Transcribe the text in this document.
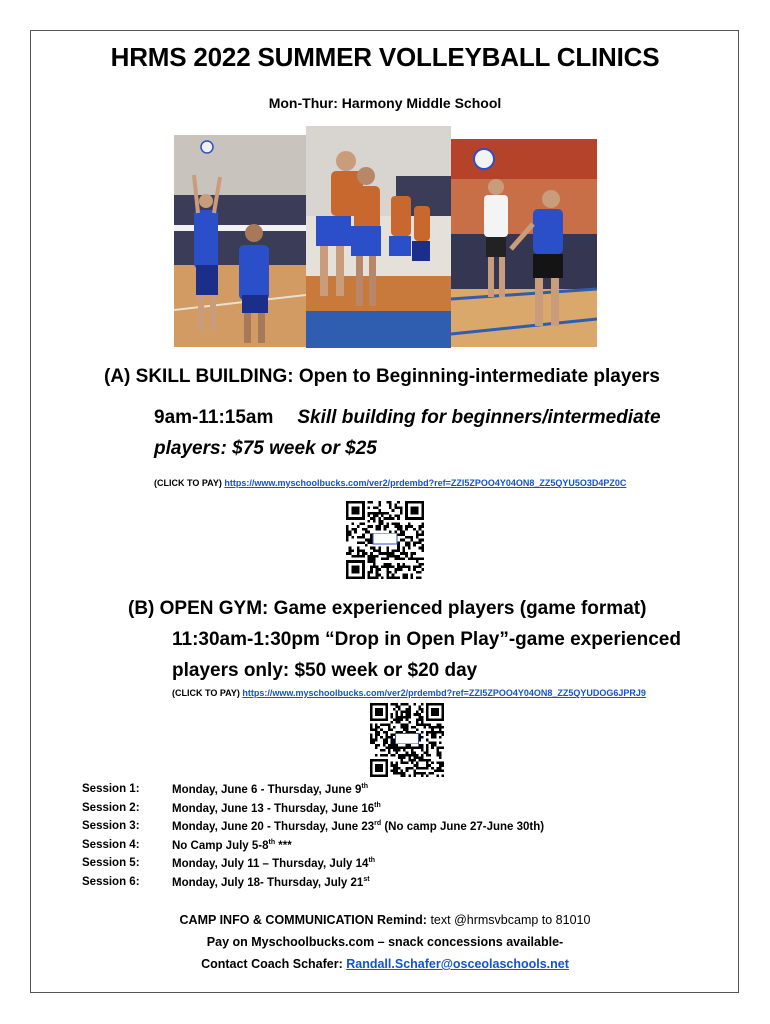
HRMS 2022 SUMMER VOLLEYBALL CLINICS
Mon-Thur: Harmony Middle School
(A) SKILL BUILDING: Open to Beginning-intermediate players
9am-11:15am Skill building for beginners/intermediate
players: $75 week or $25
(CLICK TO PAY) https://www.myschoolbucks.com/ver2/prdembd?ref=ZZI5ZPOO4Y04ON8_ZZ5QYU5O3D4PZ0C
(B) OPEN GYM: Game experienced players (game format)
11:30am-1:30pm “Drop in Open Play”-game experienced
players only: $50 week or $20 day
(CLICK TO PAY) https://www.myschoolbucks.com/ver2/prdembd?ref=ZZI5ZPOO4Y04ON8_ZZ5QYUDOG6JPRJ9
Session 1:	Monday, June 6 - Thursday, June 9th
Session 2:	Monday, June 13 - Thursday, June 16th
Session 3:	Monday, June 20 - Thursday, June 23rd (No camp June 27-June 30th)
Session 4:	No Camp July 5-8th ***
Session 5:	Monday, July 11 – Thursday, July 14th
Session 6:	Monday, July 18- Thursday, July 21st
CAMP INFO & COMMUNICATION Remind: text @hrmsvbcamp to 81010
Pay on Myschoolbucks.com – snack concessions available-
Contact Coach Schafer: Randall.Schafer@osceolaschools.net
